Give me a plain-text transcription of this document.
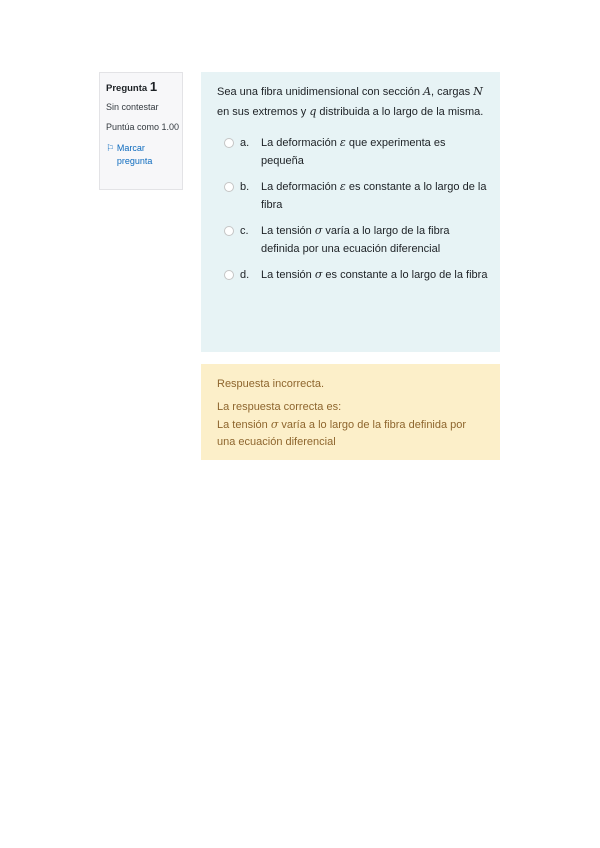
Pregunta 1
Sin contestar
Puntúa como 1.00
⚐ Marcar pregunta
Sea una fibra unidimensional con sección A, cargas N en sus extremos y q distribuida a lo largo de la misma.
a.	La deformación ε que experimenta es pequeña
b.	La deformación ε es constante a lo largo de la fibra
c.	La tensión σ varía a lo largo de la fibra definida por una ecuación diferencial
d.	La tensión σ es constante a lo largo de la fibra

Respuesta incorrecta.

La respuesta correcta es:

La tensión σ varía a lo largo de la fibra definida por una ecuación diferencial
